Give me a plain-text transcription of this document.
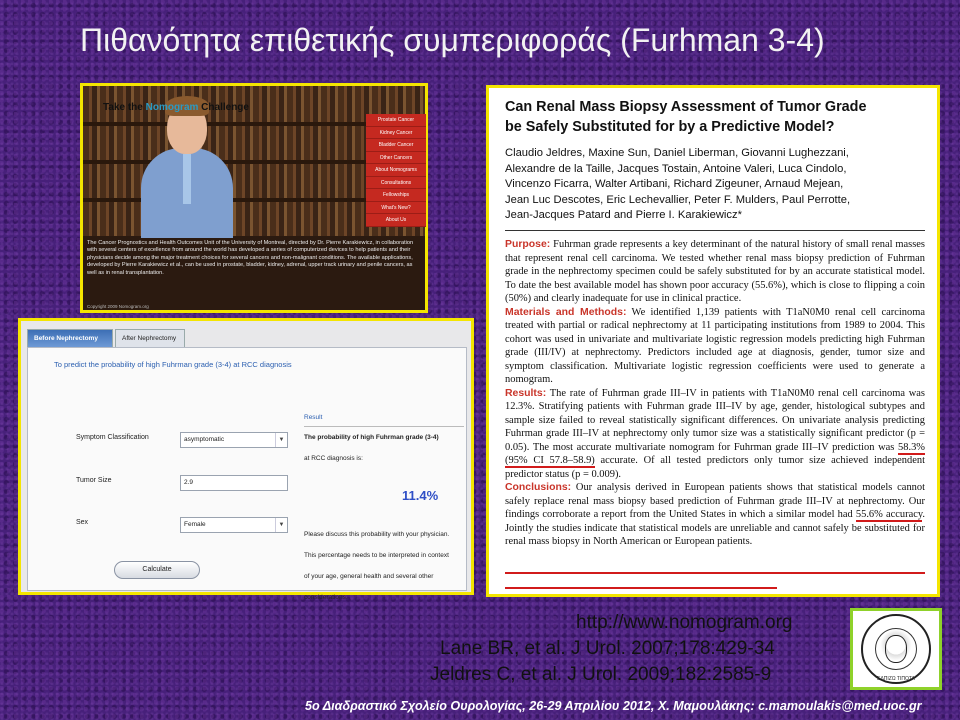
Πιθανότητα επιθετικής συμπεριφοράς (Furhman 3-4)
Take the Nomogram Challenge
Prostate Cancer
Kidney Cancer
Bladder Cancer
Other Cancers
About Nomograms
Consultations
Fellowships
What's New?
About Us
The Cancer Prognostics and Health Outcomes Unit of the University of Montreal, directed by Dr. Pierre Karakiewicz, in collaboration with several centers of excellence from around the world has developed a series of computerized devices to help patients and their physicians decide among the major treatment choices for several cancers and non-malignant conditions. The available applications, developed by Pierre Karakiewicz et al., can be used in prostate, bladder, kidney, adrenal, upper track urinary and penile cancers, as well as in renal transplantation.
Copyright 2009 Nomogram.org
Before Nephrectomy	After Nephrectomy
To predict the probability of high Fuhrman grade (3-4) at RCC diagnosis
Symptom Classification	asymptomatic	▼
Tumor Size	2.9
Sex	Female	▼
Calculate
Result
The probability of high Fuhrman grade (3-4)
at RCC diagnosis is:
11.4%
Please discuss this probability with your physician.
This percentage needs to be interpreted in context
of your age, general health and several other
considerations.
Can Renal Mass Biopsy Assessment of Tumor Grade
be Safely Substituted for by a Predictive Model?
Claudio Jeldres, Maxine Sun, Daniel Liberman, Giovanni Lughezzani,
Alexandre de la Taille, Jacques Tostain, Antoine Valeri, Luca Cindolo,
Vincenzo Ficarra, Walter Artibani, Richard Zigeuner, Arnaud Mejean,
Jean Luc Descotes, Eric Lechevallier, Peter F. Mulders, Paul Perrotte,
Jean-Jacques Patard and Pierre I. Karakiewicz*
Purpose: Fuhrman grade represents a key determinant of the natural history of small renal masses that represent renal cell carcinoma. We tested whether renal mass biopsy prediction of Fuhrman grade in the nephrectomy specimen could be safely substituted for by an accurate statistical model. To date the best available model has shown poor accuracy (55.6%), which is close to flipping a coin (50%) and clearly inadequate for use in clinical practice.
Materials and Methods: We identified 1,139 patients with T1aN0M0 renal cell carcinoma treated with partial or radical nephrectomy at 11 participating institutions from 1989 to 2004. This cohort was used in univariate and multivariate logistic regression models predicting high Fuhrman grade (III/IV) at nephrectomy. Predictors included age at diagnosis, gender, tumor size and symptom classification. Multivariate logistic regression coefficients were used to generate a nomogram.
Results: The rate of Fuhrman grade III–IV in patients with T1aN0M0 renal cell carcinoma was 12.3%. Stratifying patients with Fuhrman grade III–IV by age, gender, histological subtypes and sample size failed to reveal statistically significant differences. On univariate analysis predicting Fuhrman grade III–IV at nephrectomy only tumor size was a statistically significant predictor (p = 0.05). The most accurate multivariate nomogram for Fuhrman grade III–IV prediction was 58.3% (95% CI 57.8–58.9) accurate. Of all tested predictors only tumor size achieved independent predictor status (p = 0.009).
Conclusions: Our analysis derived in European patients shows that statistical models cannot safely replace renal mass biopsy based prediction of Fuhrman grade III–IV at nephrectomy. Our findings corroborate a report from the United States in which a similar model had 55.6% accuracy. Jointly the studies indicate that statistical models are unreliable and cannot safely be substituted for renal mass biopsy in North American or European patients.
http://www.nomogram.org
Lane BR, et al. J Urol. 2007;178:429-34
Jeldres C, et al. J Urol. 2009;182:2585-9	ΕΛΠΙΖΩ ΤΙΠΟΤΑ
5ο Διαδραστικό Σχολείο Ουρολογίας, 26-29 Απριλίου 2012, Χ. Μαμουλάκης: c.mamoulakis@med.uoc.gr
